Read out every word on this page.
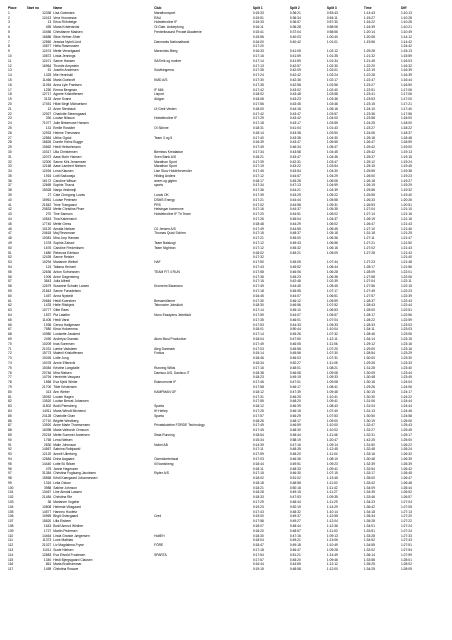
Place	Start no	Name	Club	Split 1	Split 2	Split 3	Time	Diff
1	12336	Lisa Goemaes	Marathonsport	0:15:33	0:36:21	0:53:43	1:14:43	1:10:13
2	12413	Vera Vroonesse	RAU	0:15:51	0:36:34	0:54:11	1:15:27	1:10:28
3	13	Erica Röhrbeige	Holstebroline IF	0:15:33	0:36:57	0:57:30	1:16:22	1:10:26
4	455	Maria Kristenkvist	Ol Gale. Ankerplóng	0:16:11	0:36:28	0:58:06	1:16:39	1:10:21
5	10456	Christianne Madsen	Frederiksaund Private Akademie	0:15:41	0:37:04	0:58:56	1:20:14	1:10:49
6	16686	Stine Hefner-Sheir		0:15:56	0:40:03	1:00:40	1:20:08	1:14:12
7	12560	Jessica Nybrli-Lind	Danmarks Nationalbank	0:16:00	0:40:42	1:01:01	1:19:56	1:14:42
8	10877	Hella Rasmussen		0:17:20				1:24:42
9	12474	Mette Verselgaard	Marsvinks Bierg	0:16:33	0:41:05	1:02:12	1:25:28	1:15:13
10	10872	Linda Jennings		0:17:16	0:41:59	1:01:35	1:21:32	1:15:59
11	12471	Sanne Hansen	SAS'eik og mother	0:17:14	0:41:59	1:01:34	1:21:45	1:16:03
12	16964	Thordie Ampstein		0:17:13	0:42:57	1:02:30	1:22:20	1:16:32
13	51	Josefin Andersen	Solvikingerna	0:17:35	0:42:09	1:02:01	1:22:19	1:16:39
14	1325	Mie Henniskil		0:17:24	0:42:42	1:02:24	1:22:28	1:16:39
15	11466	Maria Goekroft	KMD A/S	0:17:30	0:42:36	1:02:17	1:22:47	1:16:44
16	11054	Anna Lyle Frantsen		0:17:35	0:42:58	1:02:56	1:23:27	1:16:50
17	1250	Emma Bergman	IF 666	0:17:42	0:43:02	1:02:40	1:22:51	1:17:06
18	12717	Agnete Kristoffersen	Lisport	0:18:02	0:43:48	1:03:58	1:23:41	1:17:06
19	3133	Anne Svane	Aidgon	0:18:08	0:43:23	1:03:36	1:23:53	1:17:00
20	17451	Hilde Birgit Michaelsen		0:17:56	0:43:45	1:03:46	1:23:15	1:17:21
21	12	Anne Stenback	UI Grek Vesten	0:18:00	0:44:18	1:05:16	1:24:10	1:17:40
22	12927	Charlotte Steensgaard		0:17:42	0:43:47	1:03:57	1:23:36	1:17:56
23	330	Louise Nilsson	Holstebroline IF	0:17:29	0:43:42	1:04:00	1:23:58	1:18:00
24	71077	Julie Birkemose Hansen		0:17:18	0:43:17	1:03:55	1:24:25	1:18:00
25	131	Emilie Rossiter	OI Skinne	0:18:31	0:41:04	1:01:43	1:23:27	1:18:22
26	12933	Helene Thesmann		0:18:14	0:43:38	1:03:50	1:24:06	1:18:37
27	12884	Ulrike Ogdoi	Team 3 og 5	0:17:40	0:43:38	1:04:30	1:25:18	1:18:48
28	16826	Dorete Heinz Bugge		0:16:39	0:43:47	1:05:55	1:26:47	1:18:59
29	10662	Heidi Heilschmann		0:17:49	0:46:34	1:05:47	1:25:42	1:19:00
30	10317	Ulla Christensen	Biembus Kreatabue	0:17:34	0:43:58	1:04:45	1:25:42	1:19:13
31	12072	Aase Mohr Hansen	Sven Bank A/S	0:18:21	0:43:47	1:04:46	1:25:37	1:19:15
32	12300	Sanne Kirk Jensensen	Marathon Sport	0:17:39	0:42:31	1:03:47	1:25:12	1:19:24
33	12168	Aase Lambert Nielsen	Marathon Sport	0:17:19	0:43:22	1:03:54	1:25:15	1:19:45
34	12494	Lena Klausen	Lise Skov Holdeforvender	0:17:45	0:43:54	1:04:30	1:25:55	1:19:38
35	1916	Lotti Sadowaja	Hilding Anders	0:17:12	0:44:57	1:04:29	1:26:00	1:19:23
36	16172	Caroline Wilson	anem og gigten	0:18:17	0:45:28	1:06:08	1:26:18	1:19:27
37	12669	Sophie Thavoi	sports	0:17:34	0:47:13	1:04:59	1:26:19	1:19:29
38	15928	Nanja Veldmeijl		0:17:36	0:44:21	1:04:39	1:25:58	1:19:32
39	27	Cate Cinegong Lovas	Lunds OK	0:17:39	0:43:29	1:05:22	1:25:55	1:19:40
40	15961	Louise Petersen	DSMS Energy	0:17:21	0:44:44	1:05:58	1:26:33	1:20:26
41	21842	Trine Trangaard	PRS	0:17:02	0:44:58	1:05:31	1:26:53	1:20:51
42	20833	Mette Christina Pharr	Helsingør kommune	0:17:16	0:44:37	1:05:35	1:27:04	1:21:10
43	270	Tine Samson	Holstebroline IF Tri Team	0:17:20	0:44:51	1:06:02	1:27:14	1:21:16
44	10543	Tina Kaleensich		0:17:26	0:45:04	1:04:37	1:26:19	1:21:16
45	17740	Mette Gress		0:18:48	0:44:29	1:06:02	1:26:47	1:21:43
46	10120	Amalia Nielsen	OJ Jensen A/S	0:17:49	0:44:55	1:06:45	1:27:10	1:21:46
47	24618	Maj Revsmose	Thomas Quist Schirm	0:17:15	0:48:37	1:05:18	1:31:18	1:21:25
48	10081	Mira Jorp Hansen		0:17:21	0:45:00	1:06:36	1:27:11	1:21:47
49	1078	Sophia Zahavi	Team Balskogl	0:17:12	0:45:43	1:06:56	1:27:21	1:21:50
50	1676	Caroline Frederiksen	Team Nightrun	0:17:12	0:45:32	1:06:16	1:27:02	1:21:43
51	1680	Rebecca Edelson		0:18:02	0:45:21	1:05:09	1:27:28	1:21:43
52	12439	Sanne Reisler		0:17:32				1:21:40
53	10294	Marianne Weibel	HAF	0:17:50	0:45:05	1:07:44	1:27:23	1:21:48
54	124	Tatiana Heinzel		0:17:43	0:45:52	1:06:44	1:28:17	1:21:56
55	12636	Anton Sofrunssen	TEAM FIT 4 RUN	0:17:58	0:46:06	1:06:28	1:28:09	1:22:01
56	1006	Anne Dagersteng		0:17:36	0:45:23	1:06:38	1:27:58	1:22:06
57	3843	Julia Alfredi		0:17:15	0:42:48	1:02:39	1:27:04	1:22:11
58	12679	Susanne Schalm Larsen	Kromerrs Baumann	0:17:49	0:44:45	1:05:45	1:27:56	1:22:15
59	21843	Sanne Fonadelsen		0:17:18	0:45:55	1:07:17	1:27:49	1:22:23
60	1457	Anna Nystedt		0:16:45	0:44:07	1:06:51	1:27:57	1:22:39
61	20684	Heidi Koerstner	Bressmüllener	0:17:30	0:46:12	1:05:59	1:28:37	1:22:43
62	1433	Helle Riisbjerk	Teknowire Jobsklub	0:18:30	0:46:56	1:07:52	1:28:43	1:22:44
63	10777	Gitte Raes		0:17:14	0:45:10	1:06:53	1:28:00	1:22:51
64	1537	Pia Latathe	Novo Essayens Jebeklub	0:17:59	0:44:07	1:05:57	1:28:17	1:22:56
65	11406	Heidi Varst		0:17:35	0:46:01	1:07:04	1:28:22	1:22:59
66	1936	Cenna Hallgessen		0:17:53	0:44:33	1:05:33	1:28:33	1:23:03
67	7580	Kirsa Holoemma		0:18:01	0:50:44	1:10:04	1:34:11	1:23:03
68	10980	Louisette Jauslerd		0:17:14	0:45:26	1:07:32	1:28:46	1:23:06
69	2490	Andréya Granato	Atom Musl Production	0:18:04	0:47:50	1:12:11	1:34:14	1:23:15
70	10209	Inas Sorensen		0:17:49	0:46:05	1:11:06	1:29:12	1:23:16
71	21031	Lærke Vadsteen	Aleg Danmark	0:17:03	0:45:58	1:07:20	1:29:00	1:23:16
72	15773	Malenli Kristoffersen	Fortius	0:15:14	0:45:56	1:07:30	1:28:54	1:23:29
73	10026	Lotte Jung		0:18:46	0:46:03	1:07:31	1:30:00	1:23:30
74	10078	Annie Eftersvik		0:18:34	0:52:27	1:11:05	1:29:26	1:23:33
75	15084	Kristine Langdalle	Running Wikis	0:17:16	0:48:01	1:08:21	1:31:28	1:23:40
76	20746	Mira Nielsen	Danisco A/S, Danisco IT	0:18:38	0:46:08	1:09:08	1:30:09	1:23:44
77	14794	Henriette Vasquez		0:18:23	0:49:19	1:09:33	1:30:48	1:23:49
78	1568	Eva Kjeld Winter	Eskmomorie IF	0:17:46	0:47:01	1:09:08	1:30:18	1:24:04
79	21700	Tilde Kristensen		0:17:58	0:46:17	1:08:41	1:29:26	1:24:06
80	313	Ann Weber	KAMPMAN GF	0:18:12	0:47:39	1:09:48	1:30:15	1:24:17
81	15052	Louise Hagen		0:17:31	0:46:25	1:10:41	1:30:30	1:24:22
82	13520	Louise Berust Johansen		0:17:55	0:48:20	1:09:41	1:31:06	1:24:44
83	11502	Bodil Pemsberg	Sparta	0:18:12	0:46:39	1:08:43	1:31:04	1:24:44
84	14911	Maria Wrisdt Michensl	IH Hellep	0:17:25	0:46:15	1:07:40	1:31:13	1:24:46
85	24128	Charlotte Grøn	Sparta	0:17:57	0:46:29	1:07:53	1:30:50	1:24:58
86	17710	Brigitte Westberg		0:18:26	0:48:17	1:09:00	1:30:19	1:25:06
87	13920	Anne Marie Thomsensen	Privatskolebm FÖRDE Technology	0:17:49	0:46:59	1:10:00	1:32:47	1:25:43
88	16398	Maria Valborch Ornsson		0:17:45	0:48:30	1:10:02	1:32:27	1:25:45
89	20218	Mette Sommer Andersen	Sista Running	0:18:54	0:48:44	1:11:46	1:32:31	1:25:17
90	1765	Lena Nielsen		0:15:34	0:58:19	1:20:47	1:42:25	1:25:00
91	2830	Malin Johnsson	Nobel AB	0:14:39	0:47:16	1:09:14	1:31:50	1:26:22
92	14567	Sabrina Rotbjaarkl		0:17:11	0:48:35	1:12:45	1:32:48	1:26:24
93	12120	Anneli Ullerberg		0:17:59	0:48:20	1:11:04	1:33:16	1:26:32
94	12684	Drina Aagaard	Ocenskerterlaud	0:17:03	0:46:36	1:08:10	1:30:48	1:26:39
95	14440	Lotte Bl. Bilsen	Ill Nordsheng	0:18:44	0:49:51	1:09:23	1:32:39	1:26:39
96	475	Janne Hagenzen		0:18:11	0:48:33	1:09:41	1:32:54	1:26:42
97	31384	Christina Fuglsang-Jacobsen	Ryder A/S	0:17:15	0:46:30	1:07:15	1:33:17	1:26:45
98	15568	Kristi Kaergaard Johannessen		0:18:02	0:51:02	1:13:45	1:35:00	1:26:47
99	1316	Leila Ozkan		0:18:18	0:48:58	1:11:00	1:33:42	1:26:48
100	3988	Sabine Johnson		0:18:21	0:50:18	1:11:42	1:34:09	1:26:44
101	13467	Line Almdal Lassen		0:18:28	0:49:15	1:11:27	1:34:39	1:26:52
102	21484	Christina Rie		0:18:33	0:47:53	1:09:35	1:33:46	1:26:57
103	36	Marianne Vogefar		0:17:29	0:48:44	1:11:29	1:34:23	1:27:04
104	10808	Helemia Viksgaard		0:19:23	0:52:19	1:14:29	1:36:42	1:27:05
105	14577	Hanneu Hoofetz		0:17:43	0:48:32	1:10:14	1:34:18	1:27:13
106	10969	Birgit Ostergaard	Cred	0:19:00	0:49:37	1:12:55	1:35:34	1:27:20
107	15820	Lilla Elsbem		0:17:58	0:49:27	1:12:04	1:35:28	1:27:22
108	1643	Bodil Amrud Winther		0:18:07	0:48:44	1:12:36	1:34:01	1:27:24
109	1727	Martin Pedersen		0:18:20	0:48:57	1:11:00	1:33:51	1:27:24
110	14464	Linda Grande Jørgensen	HoltEH	0:18:30	0:47:16	1:09:13	1:33:28	1:27:33
111	11373	Lone Mathias		0:18:04	0:49:21	1:13:06	1:34:52	1:27:43
112	21027	Liv Magdalena Fryse	FÖRE	0:18:47	0:49:18	1:10:49	1:34:55	1:27:51
113	11011	Susie Nielsen		0:17:18	0:46:47	1:09:28	1:32:02	1:27:54
114	12883	Eva Eltvold Frostesen	SPARTA	0:17:54	0:51:21	1:14:49	1:36:14	1:27:59
115	1340	Heidi Bjergsgaard Clausen		0:17:57	0:45:20	1:09:46	1:33:58	1:28:01
116	861	Maria Brodhammar		0:16:44	0:44:55	1:12:12	1:35:25	1:28:02
117	1459	Christina Rosave		0:19:15	0:48:58	1:12:00	1:34:25	1:28:05
